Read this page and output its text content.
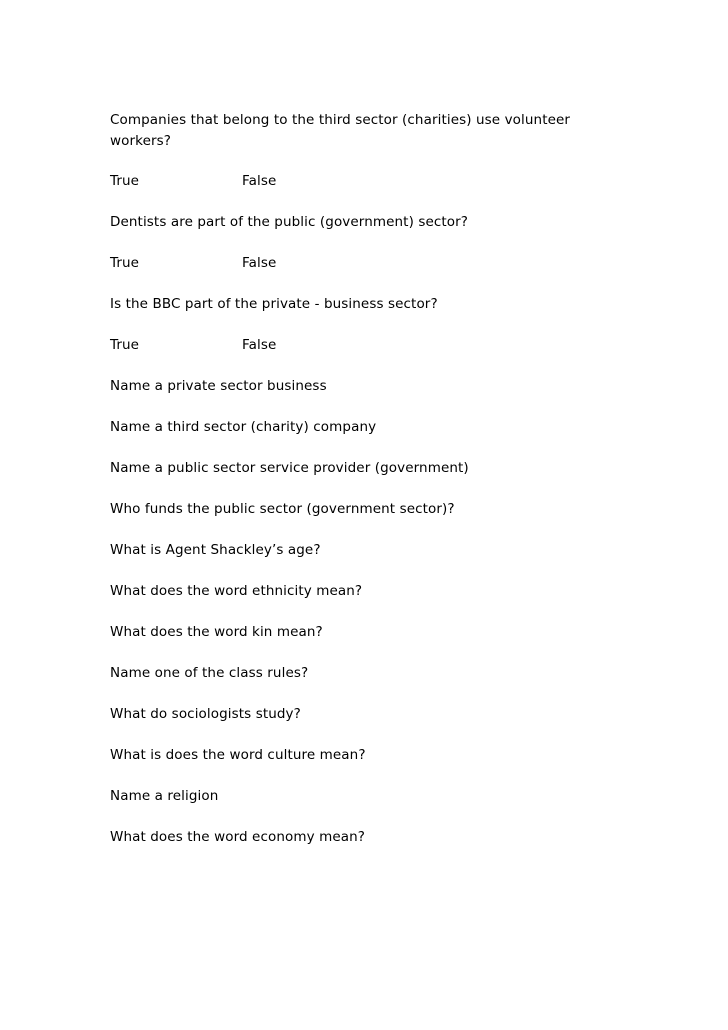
Companies that belong to the third sector (charities) use volunteer
workers?
True	False
Dentists are part of the public (government) sector?
True	False
Is the BBC part of the private - business sector?
True	False
Name a private sector business
Name a third sector (charity) company
Name a public sector service provider (government)
Who funds the public sector (government sector)?
What is Agent Shackley’s age?
What does the word ethnicity mean?
What does the word kin mean?
Name one of the class rules?
What do sociologists study?
What is does the word culture mean?
Name a religion
What does the word economy mean?
